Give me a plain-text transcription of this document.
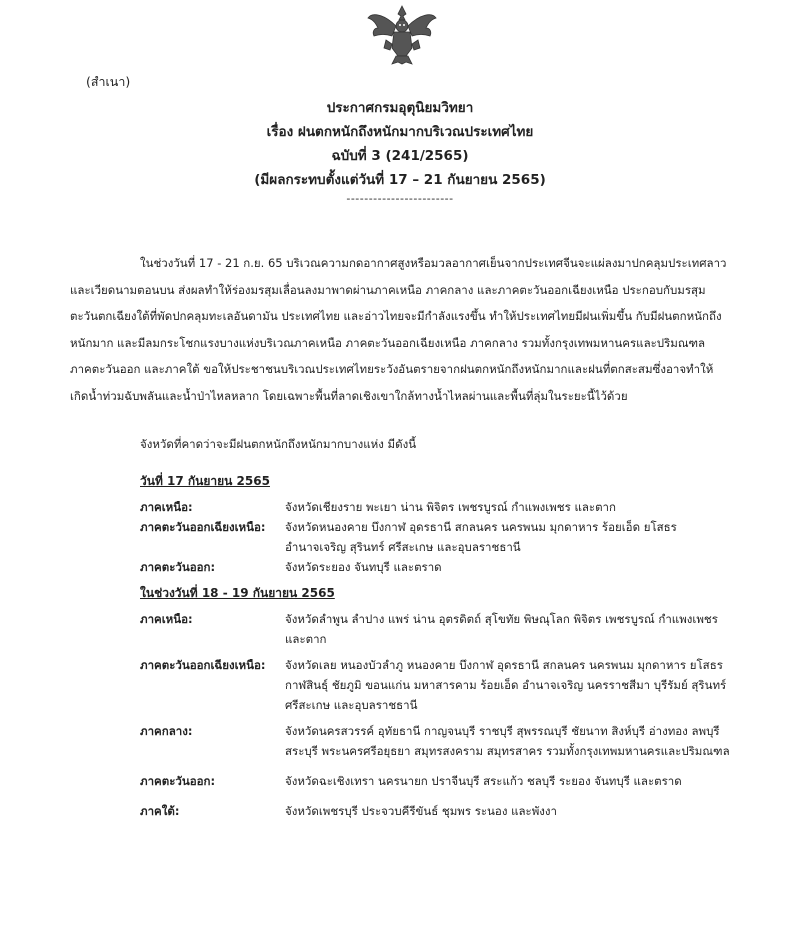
(สำเนา)
ประกาศกรมอุตุนิยมวิทยา
เรื่อง ฝนตกหนักถึงหนักมากบริเวณประเทศไทย
ฉบับที่ 3 (241/2565)
(มีผลกระทบตั้งแต่วันที่ 17 – 21 กันยายน 2565)
------------------------

ในช่วงวันที่ 17 - 21 ก.ย. 65 บริเวณความกดอากาศสูงหรือมวลอากาศเย็นจากประเทศจีนจะแผ่ลงมาปกคลุมประเทศลาวและเวียดนามตอนบน ส่งผลทำให้ร่องมรสุมเลื่อนลงมาพาดผ่านภาคเหนือ ภาคกลาง และภาคตะวันออกเฉียงเหนือ ประกอบกับมรสุมตะวันตกเฉียงใต้ที่พัดปกคลุมทะเลอันดามัน ประเทศไทย และอ่าวไทยจะมีกำลังแรงขึ้น ทำให้ประเทศไทยมีฝนเพิ่มขึ้น กับมีฝนตกหนักถึงหนักมาก และมีลมกระโชกแรงบางแห่งบริเวณภาคเหนือ ภาคตะวันออกเฉียงเหนือ ภาคกลาง รวมทั้งกรุงเทพมหานครและปริมณฑล ภาคตะวันออก และภาคใต้ ขอให้ประชาชนบริเวณประเทศไทยระวังอันตรายจากฝนตกหนักถึงหนักมากและฝนที่ตกสะสมซึ่งอาจทำให้เกิดน้ำท่วมฉับพลันและน้ำป่าไหลหลาก โดยเฉพาะพื้นที่ลาดเชิงเขาใกล้ทางน้ำไหลผ่านและพื้นที่ลุ่มในระยะนี้ไว้ด้วย

จังหวัดที่คาดว่าจะมีฝนตกหนักถึงหนักมากบางแห่ง มีดังนี้
วันที่ 17 กันยายน 2565
ภาคเหนือ:	จังหวัดเชียงราย พะเยา น่าน พิจิตร เพชรบูรณ์ กำแพงเพชร และตาก
ภาคตะวันออกเฉียงเหนือ:	จังหวัดหนองคาย บึงกาฬ อุดรธานี สกลนคร นครพนม มุกดาหาร ร้อยเอ็ด ยโสธร อำนาจเจริญ สุรินทร์ ศรีสะเกษ และอุบลราชธานี
ภาคตะวันออก:	จังหวัดระยอง จันทบุรี และตราด
ในช่วงวันที่ 18 - 19 กันยายน 2565
ภาคเหนือ:	จังหวัดลำพูน ลำปาง แพร่ น่าน อุตรดิตถ์ สุโขทัย พิษณุโลก พิจิตร เพชรบูรณ์ กำแพงเพชร และตาก
ภาคตะวันออกเฉียงเหนือ:	จังหวัดเลย หนองบัวลำภู หนองคาย บึงกาฬ อุดรธานี สกลนคร นครพนม มุกดาหาร ยโสธร กาฬสินธุ์ ชัยภูมิ ขอนแก่น มหาสารคาม ร้อยเอ็ด อำนาจเจริญ นครราชสีมา บุรีรัมย์ สุรินทร์ ศรีสะเกษ และอุบลราชธานี
ภาคกลาง:	จังหวัดนครสวรรค์ อุทัยธานี กาญจนบุรี ราชบุรี สุพรรณบุรี ชัยนาท สิงห์บุรี อ่างทอง ลพบุรี สระบุรี พระนครศรีอยุธยา สมุทรสงคราม สมุทรสาคร รวมทั้งกรุงเทพมหานครและปริมณฑล
ภาคตะวันออก:	จังหวัดฉะเชิงเทรา นครนายก ปราจีนบุรี สระแก้ว ชลบุรี ระยอง จันทบุรี และตราด
ภาคใต้:	จังหวัดเพชรบุรี ประจวบคีรีขันธ์ ชุมพร ระนอง และพังงา
